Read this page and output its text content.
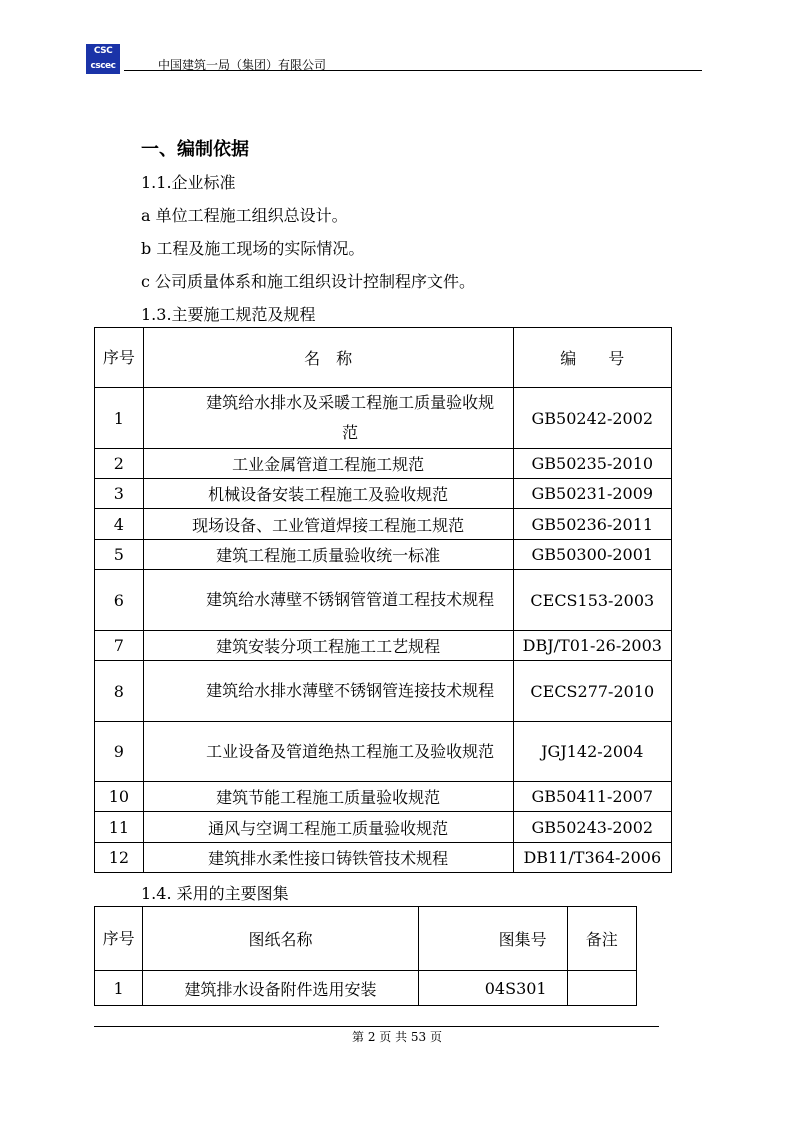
CSC
cscec	中国建筑一局（集团）有限公司
一、编制依据
1.1.企业标准
a 单位工程施工组织总设计。
b 工程及施工现场的实际情况。
c 公司质量体系和施工组织设计控制程序文件。
1.3.主要施工规范及规程
序号	名　称	编　　号
1	建筑给水排水及采暖工程施工质量验收规范	GB50242-2002
2	工业金属管道工程施工规范	GB50235-2010
3	机械设备安装工程施工及验收规范	GB50231-2009
4	现场设备、工业管道焊接工程施工规范	GB50236-2011
5	建筑工程施工质量验收统一标准	GB50300-2001
6	建筑给水薄壁不锈钢管管道工程技术规程	CECS153-2003
7	建筑安装分项工程施工工艺规程	DBJ/T01-26-2003
8	建筑给水排水薄壁不锈钢管连接技术规程	CECS277-2010
9	工业设备及管道绝热工程施工及验收规范	JGJ142-2004
10	建筑节能工程施工质量验收规范	GB50411-2007
11	通风与空调工程施工质量验收规范	GB50243-2002
12	建筑排水柔性接口铸铁管技术规程	DB11/T364-2006
1.4. 采用的主要图集
序号	图纸名称	图集号	备注
1	建筑排水设备附件选用安装	04S301	
第 2 页 共 53 页
